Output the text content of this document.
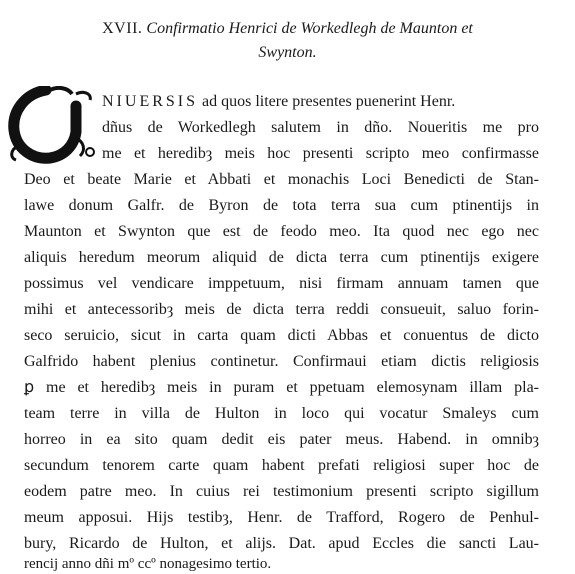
XVII. Confirmatio Henrici de Workedlegh de Maunton et
Swynton.
NIUERSIS ad quos litere presentes puenerint Henr.
dñus de Workedlegh salutem in dño. Noueritis me pro
me et heredibȝ meis hoc presenti scripto meo confirmasse
Deo et beate Marie et Abbati et monachis Loci Benedicti de Stan-
lawe donum Galfr. de Byron de tota terra sua cum ptinentijs in
Maunton et Swynton que est de feodo meo. Ita quod nec ego nec
aliquis heredum meorum aliquid de dicta terra cum ptinentijs exigere
possimus vel vendicare imppetuum, nisi firmam annuam tamen que
mihi et antecessoribȝ meis de dicta terra reddi consueuit, saluo forin-
seco seruicio, sicut in carta quam dicti Abbas et conuentus de dicto
Galfrido habent plenius continetur. Confirmaui etiam dictis religiosis
ꝑ me et heredibȝ meis in puram et ppetuam elemosynam illam pla-
team terre in villa de Hulton in loco qui vocatur Smaleys cum
horreo in ea sito quam dedit eis pater meus. Habend. in omnibȝ
secundum tenorem carte quam habent prefati religiosi super hoc de
eodem patre meo. In cuius rei testimonium presenti scripto sigillum
meum apposui. Hijs testibȝ, Henr. de Trafford, Rogero de Penhul-
bury, Ricardo de Hulton, et alijs. Dat. apud Eccles die sancti Lau-
rencij anno dñi mº ccº nonagesimo tertio.
